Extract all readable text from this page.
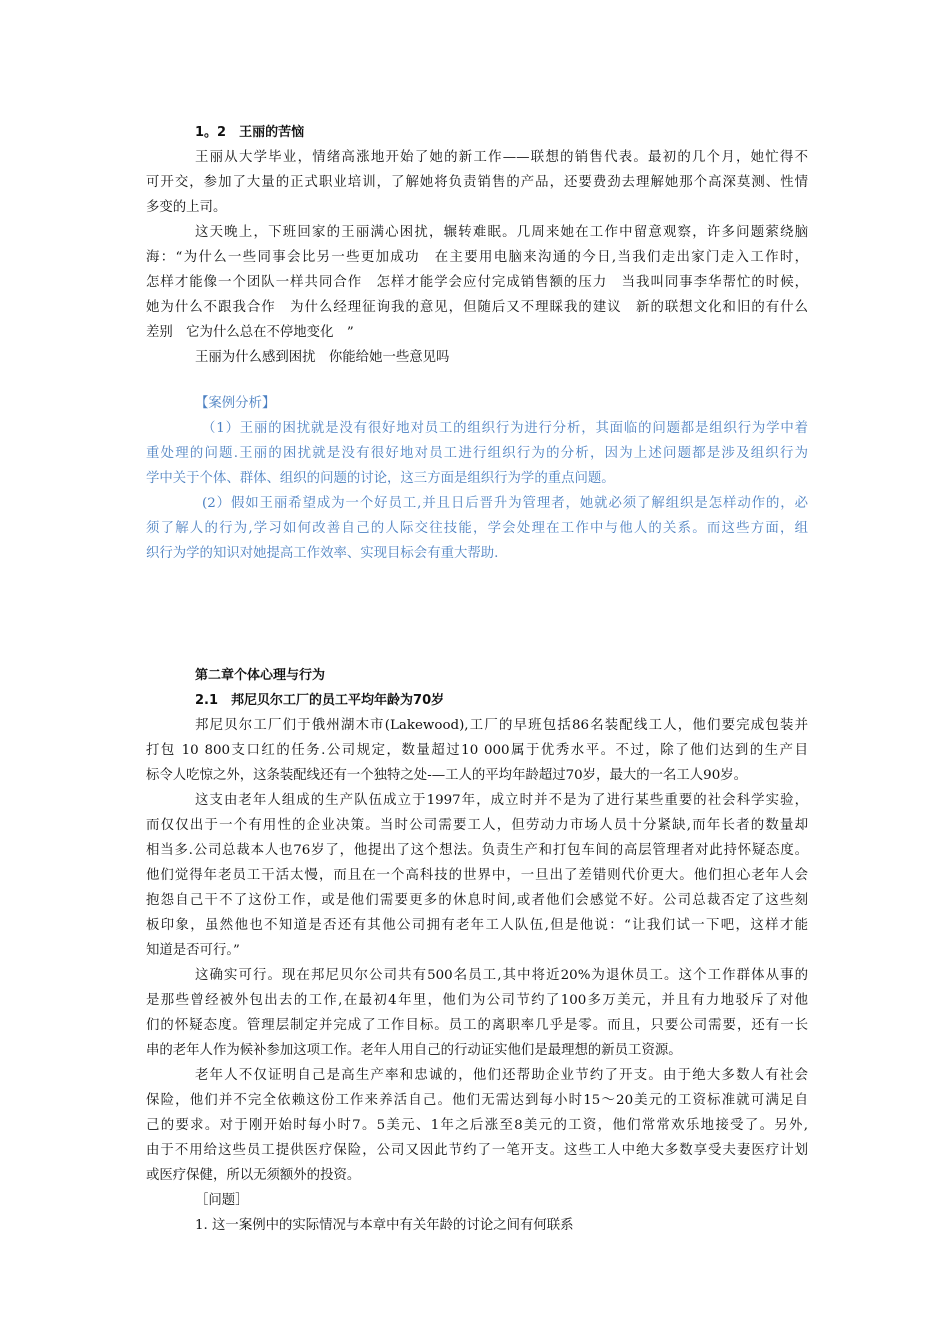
1。2　王丽的苦恼
王丽从大学毕业，情绪高涨地开始了她的新工作——联想的销售代表。最初的几个月，她忙得不
可开交，参加了大量的正式职业培训，了解她将负责销售的产品，还要费劲去理解她那个高深莫测、性情
多变的上司。
这天晚上，下班回家的王丽满心困扰，辗转难眠。几周来她在工作中留意观察，许多问题萦绕脑
海：“为什么一些同事会比另一些更加成功　在主要用电脑来沟通的今日,当我们走出家门走入工作时，
怎样才能像一个团队一样共同合作　怎样才能学会应付完成销售额的压力　当我叫同事李华帮忙的时候，
她为什么不跟我合作　为什么经理征询我的意见，但随后又不理睬我的建议　新的联想文化和旧的有什么
差别　它为什么总在不停地变化　”
王丽为什么感到困扰　你能给她一些意见吗
【案例分析】
（1）王丽的困扰就是没有很好地对员工的组织行为进行分析，其面临的问题都是组织行为学中着
重处理的问题.王丽的困扰就是没有很好地对员工进行组织行为的分析，因为上述问题都是涉及组织行为
学中关于个体、群体、组织的问题的讨论，这三方面是组织行为学的重点问题。
(2）假如王丽希望成为一个好员工,并且日后晋升为管理者，她就必须了解组织是怎样动作的，必
须了解人的行为,学习如何改善自己的人际交往技能，学会处理在工作中与他人的关系。而这些方面，组
织行为学的知识对她提高工作效率、实现目标会有重大帮助.
第二章个体心理与行为
2.1　邦尼贝尔工厂的员工平均年龄为70岁
邦尼贝尔工厂们于俄州湖木市(Lakewood),工厂的早班包括86名装配线工人，他们要完成包装并
打包 10 800支口红的任务.公司规定，数量超过10 000属于优秀水平。不过，除了他们达到的生产目
标令人吃惊之外，这条装配线还有一个独特之处-—工人的平均年龄超过70岁，最大的一名工人90岁。
这支由老年人组成的生产队伍成立于1997年，成立时并不是为了进行某些重要的社会科学实验，
而仅仅出于一个有用性的企业决策。当时公司需要工人，但劳动力市场人员十分紧缺,而年长者的数量却
相当多.公司总裁本人也76岁了，他提出了这个想法。负责生产和打包车间的高层管理者对此持怀疑态度。
他们觉得年老员工干活太慢，而且在一个高科技的世界中，一旦出了差错则代价更大。他们担心老年人会
抱怨自己干不了这份工作，或是他们需要更多的休息时间,或者他们会感觉不好。公司总裁否定了这些刻
板印象，虽然他也不知道是否还有其他公司拥有老年工人队伍,但是他说：“让我们试一下吧，这样才能
知道是否可行。”
这确实可行。现在邦尼贝尔公司共有500名员工,其中将近20%为退休员工。这个工作群体从事的
是那些曾经被外包出去的工作,在最初4年里，他们为公司节约了100多万美元，并且有力地驳斥了对他
们的怀疑态度。管理层制定并完成了工作目标。员工的离职率几乎是零。而且，只要公司需要，还有一长
串的老年人作为候补参加这项工作。老年人用自己的行动证实他们是最理想的新员工资源。
老年人不仅证明自己是高生产率和忠诚的，他们还帮助企业节约了开支。由于绝大多数人有社会
保险，他们并不完全依赖这份工作来养活自己。他们无需达到每小时15～20美元的工资标准就可满足自
己的要求。对于刚开始时每小时7。5美元、1年之后涨至8美元的工资，他们常常欢乐地接受了。另外,
由于不用给这些员工提供医疗保险，公司又因此节约了一笔开支。这些工人中绝大多数享受夫妻医疗计划
或医疗保健，所以无须额外的投资。
［问题］
1. 这一案例中的实际情况与本章中有关年龄的讨论之间有何联系
